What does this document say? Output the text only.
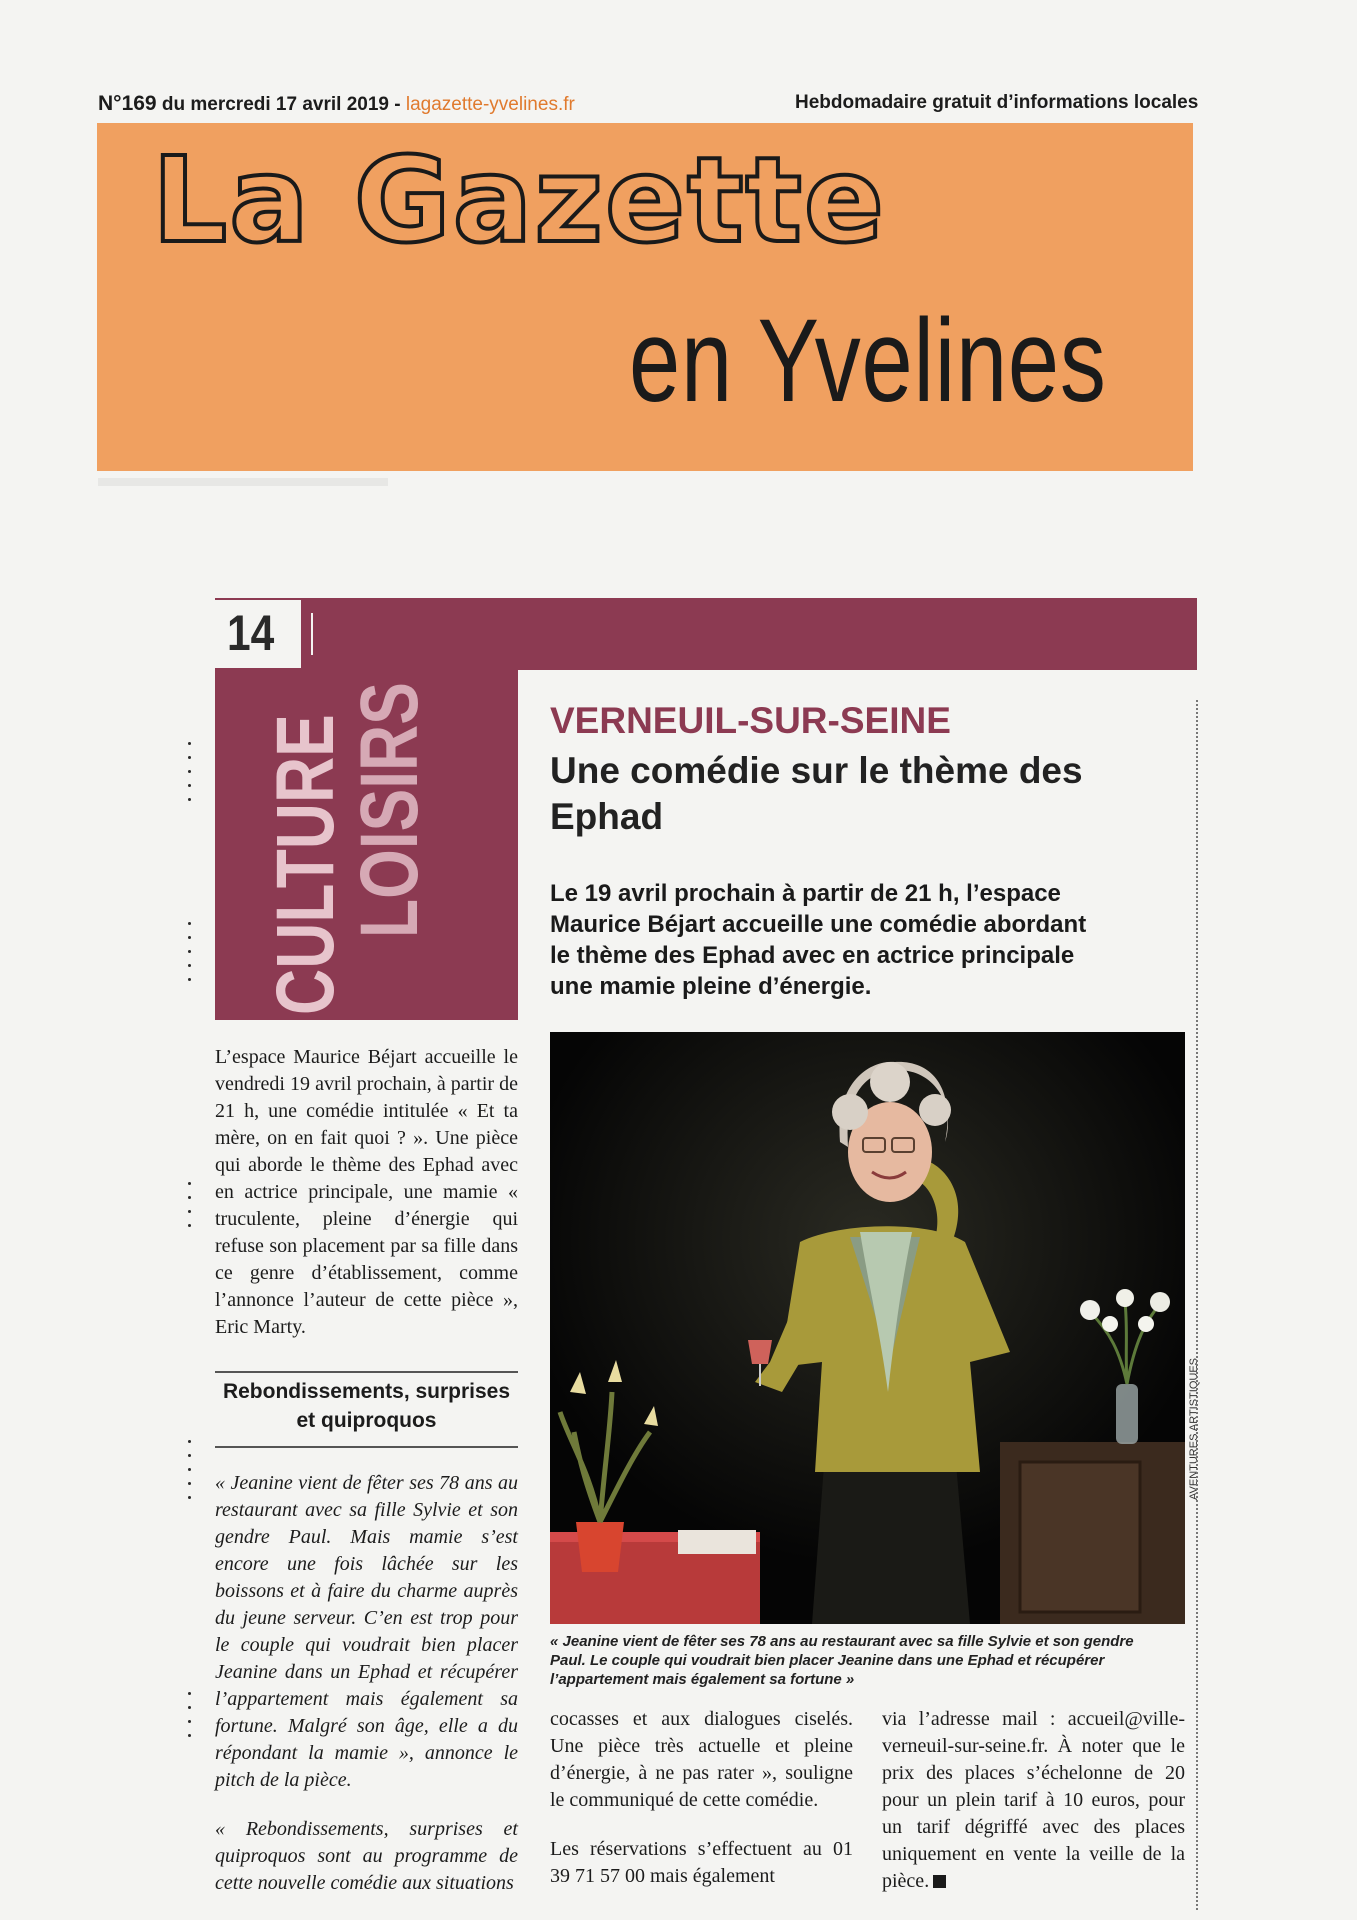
N°169 du mercredi 17 avril 2019 - lagazette-yvelines.fr	Hebdomadaire gratuit d’informations locales

La Gazette
en Yvelines
14
CULTURE
LOISIRS	VERNEUIL-SUR-SEINE
Une comédie sur le thème des Ephad
Le 19 avril prochain à partir de 21 h, l’espace Maurice Béjart accueille une comédie abordant le thème des Ephad avec en actrice principale une mamie pleine d’énergie.
AVENTURES ARTISTIQUES
« Jeanine vient de fêter ses 78 ans au restaurant avec sa fille Sylvie et son gendre Paul. Le couple qui voudrait bien placer Jeanine dans une Ephad et récupérer l’appartement mais également sa fortune »
L’espace Maurice Béjart accueille le vendredi 19 avril prochain, à partir de 21 h, une comédie intitulée « Et ta mère, on en fait quoi ? ». Une pièce qui aborde le thème des Ephad avec en actrice principale, une mamie « truculente, pleine d’énergie qui refuse son placement par sa fille dans ce genre d’établissement, comme l’annonce l’auteur de cette pièce », Eric Marty.
Rebondissements, surprises et quiproquos

« Jeanine vient de fêter ses 78 ans au restaurant avec sa fille Sylvie et son gendre Paul. Mais mamie s’est encore une fois lâchée sur les boissons et à faire du charme auprès du jeune serveur. C’en est trop pour le couple qui voudrait bien placer Jeanine dans un Ephad et récupérer l’appartement mais également sa fortune. Malgré son âge, elle a du répondant la mamie », annonce le pitch de la pièce.

« Rebondissements, surprises et quiproquos sont au programme de cette nouvelle comédie aux situations

cocasses et aux dialogues ciselés. Une pièce très actuelle et pleine d’énergie, à ne pas rater », souligne le communiqué de cette comédie.

Les réservations s’effectuent au 01 39 71 57 00 mais également

via l’adresse mail : accueil@ville-verneuil-sur-seine.fr. À noter que le prix des places s’échelonne de 20 pour un plein tarif à 10 euros, pour un tarif dégriffé avec des places uniquement en vente la veille de la pièce.
